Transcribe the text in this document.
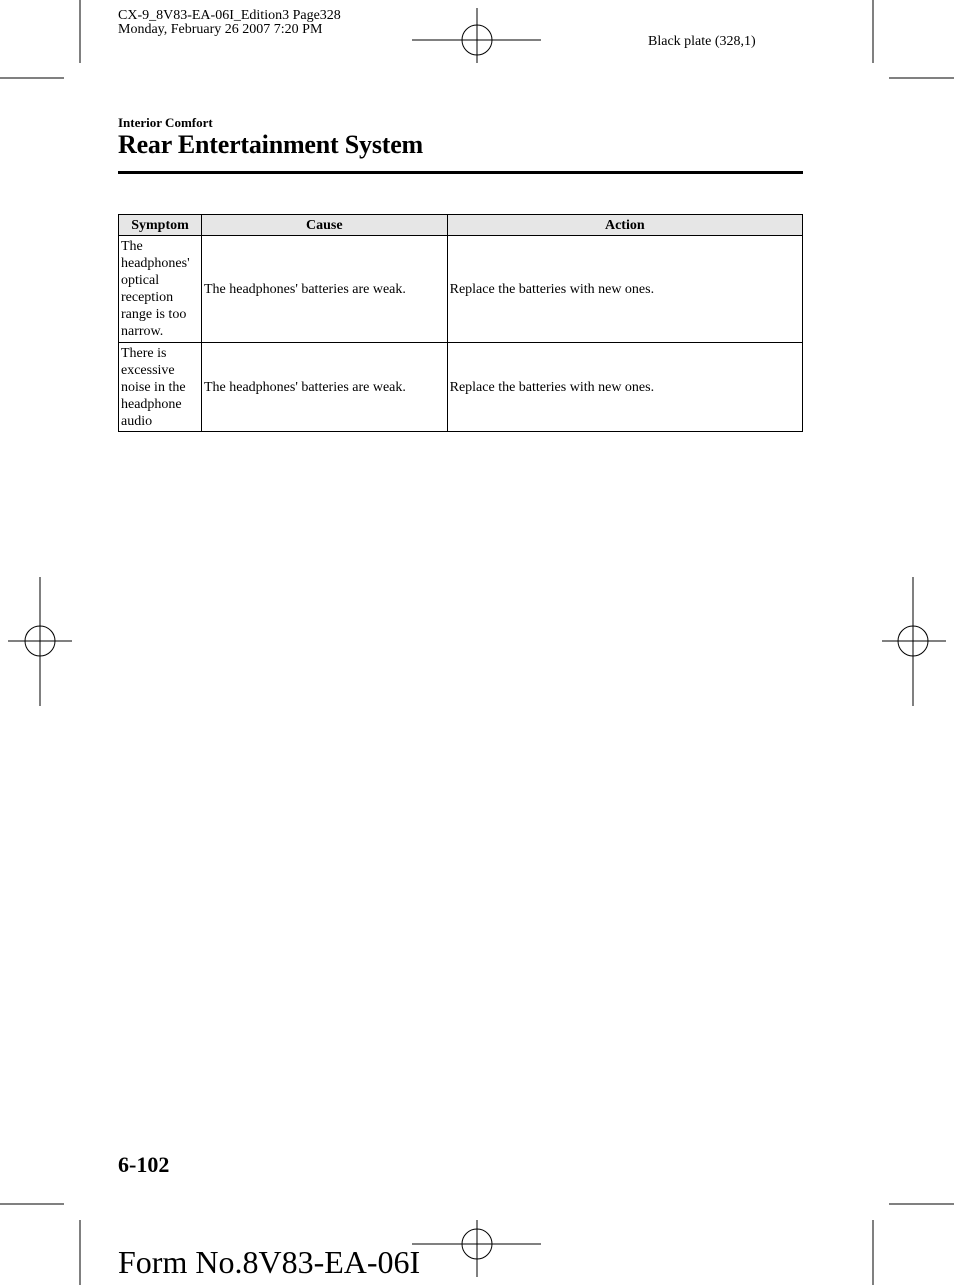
CX-9_8V83-EA-06I_Edition3 Page328
Monday, February 26 2007 7:20 PM
Black plate (328,1)
Interior Comfort
Rear Entertainment System
Symptom	Cause	Action
The headphones' optical reception range is too narrow.	The headphones' batteries are weak.	Replace the batteries with new ones.
There is excessive noise in the headphone audio	The headphones' batteries are weak.	Replace the batteries with new ones.
6-102
Form No.8V83-EA-06I
